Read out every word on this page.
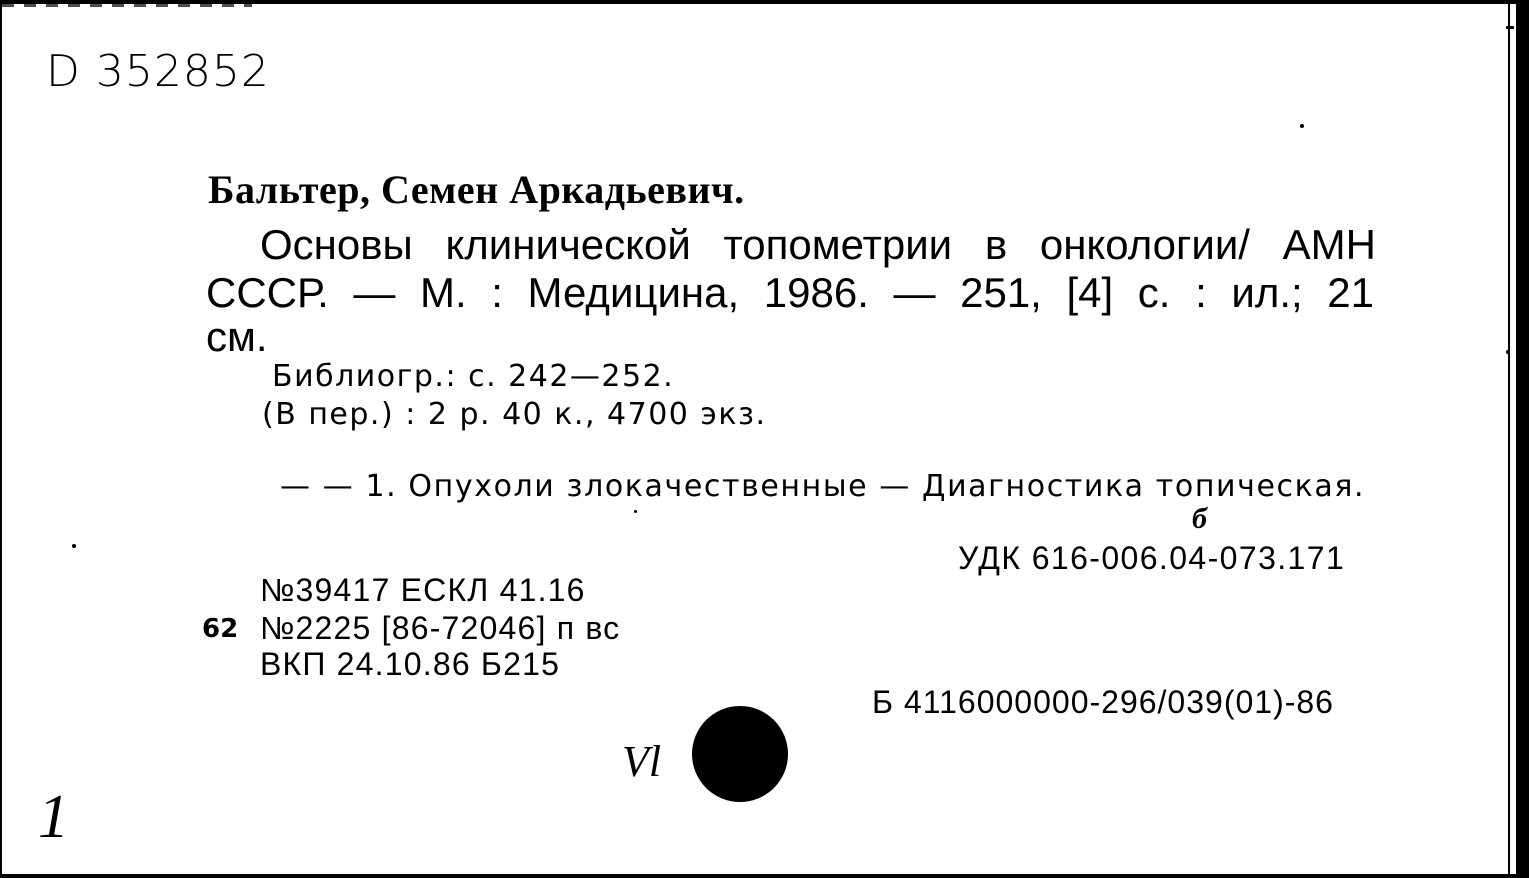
D 352852
Бальтер, Семен Аркадьевич.
Основы клинической топометрии в онкологии/ АМН
СССР. — М. : Медицина, 1986. — 251, [4] с. : ил.; 21
см.
Библиогр.: с. 242—252.
(В пер.) : 2 р. 40 к., 4700 экз.
— — 1. Опухоли злокачественные — Диагностика топическая.
б
УДК 616-006.04-073.171
№39417 ЕСКЛ 41.16
62 №2225 [86-72046] п вс
ВКП 24.10.86 Б215
Б 4116000000-296/039(01)-86
Vl
1
